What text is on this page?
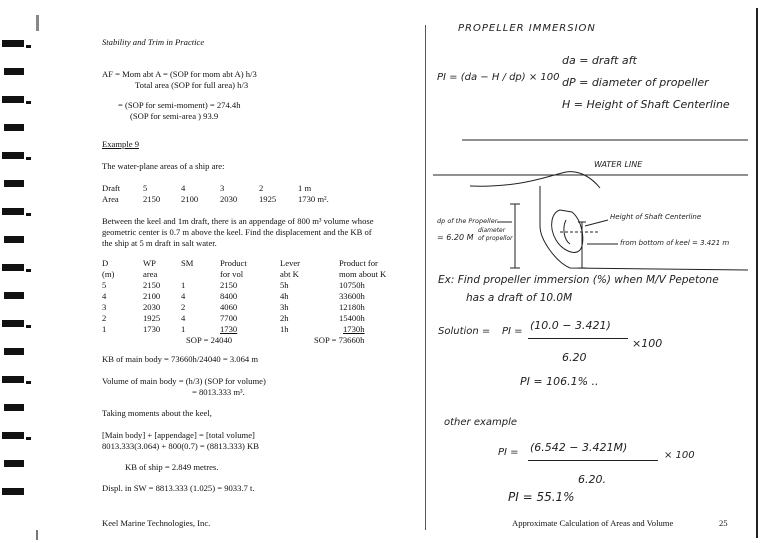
Stability and Trim in Practice
AF = Mom abt A = (SOP for mom abt A) h/3
Total area (SOP for full area) h/3
= (SOP for semi-moment) = 274.4h
(SOP for semi-area ) 93.9
Example 9
The water-plane areas of a ship are:
Draft	5	4	3	2	1 m
Area	2150 2100	2030	1925	1730 m².
Between the keel and 1m draft, there is an appendage of 800 m³ volume whose
geometric center is 0.7 m above the keel. Find the displacement and the KB of
the ship at 5 m draft in salt water.
D	WP	SM	Product	Lever	Product for
(m)	area	for vol	abt K	mom about K
5	2150 1	2150	5h	10750h
4	2100 4	8400	4h	33600h
3	2030 2	4060	3h	12180h
2	1925 4	7700	2h	15400h
1	1730 1	1730	1h	1730h
SOP = 24040	SOP = 73660h
KB of main body = 73660h/24040 = 3.064 m
Volume of main body = (h/3) (SOP for volume)
= 8013.333 m³.
Taking moments about the keel,
[Main body] + [appendage] = [total volume]
8013.333(3.064) + 800(0.7) = (8813.333) KB
KB of ship = 2.849 metres.
Displ. in SW = 8813.333 (1.025) = 9033.7 t.
Keel Marine Technologies, Inc.	Approximate Calculation of Areas and Volume	25
PROPELLER IMMERSION
PI = (da − H / dp) × 100
da = draft aft
dP = diameter of propeller
H = Height of Shaft Centerline
WATER LINE
dp of the Propeller
= 6.20 M
diameter
of propellor
Height of Shaft Centerline
from bottom of keel = 3.421 m
Ex: Find propeller immersion (%) when M/V Pepetone
has a draft of 10.0M
Solution = PI = (10.0 − 3.421)
×100
6.20
PI = 106.1% ..
other example
PI = (6.542 − 3.421M)
× 100
6.20.
PI = 55.1%
